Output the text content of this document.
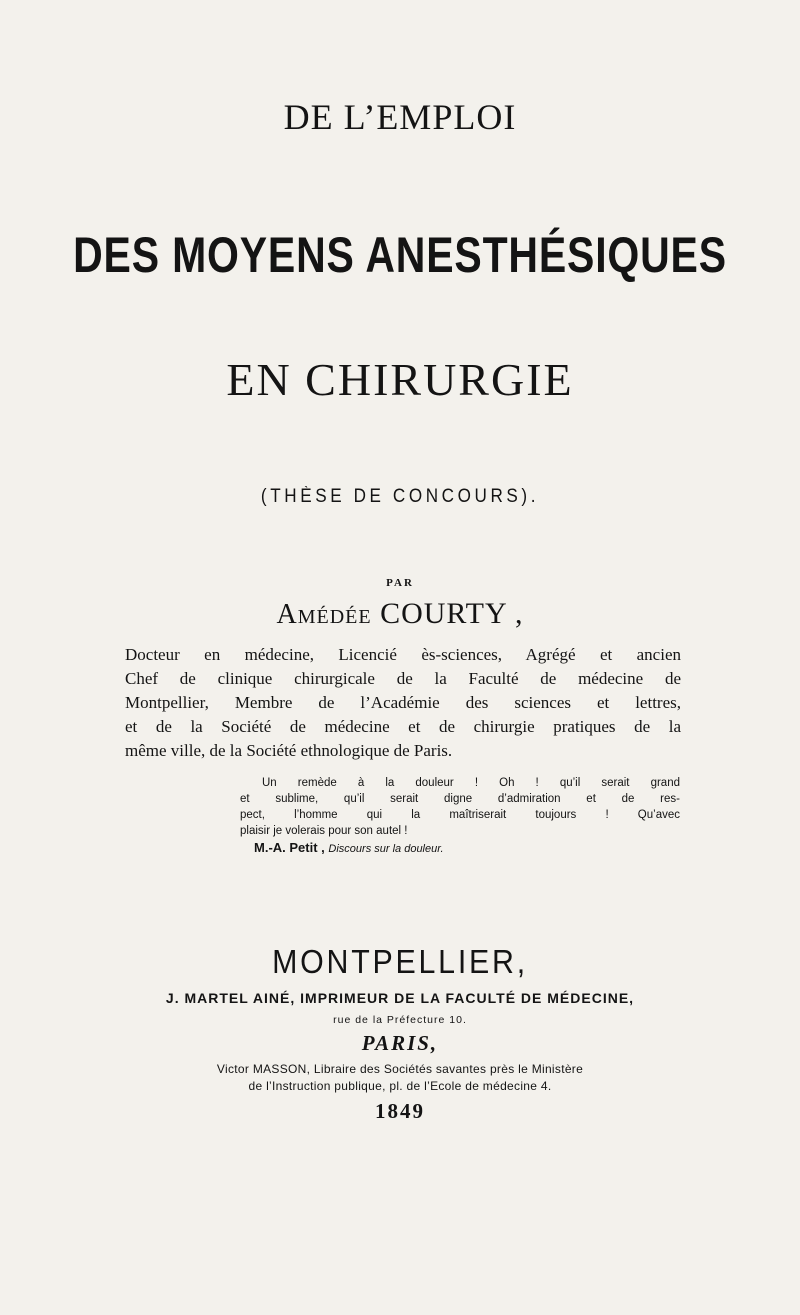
DE L’EMPLOI
DES MOYENS ANESTHÉSIQUES
EN CHIRURGIE
(THÈSE DE CONCOURS).
PAR
Amédée COURTY ,
Docteur en médecine, Licencié ès-sciences, Agrégé et ancien
Chef de clinique chirurgicale de la Faculté de médecine de
Montpellier, Membre de l’Académie des sciences et lettres,
et de la Société de médecine et de chirurgie pratiques de la
même ville, de la Société ethnologique de Paris.
Un remède à la douleur ! Oh ! qu’il serait grand
et sublime, qu’il serait digne d’admiration et de res-
pect, l’homme qui la maîtriserait toujours ! Qu’avec
plaisir je volerais pour son autel !
M.-A. Petit , Discours sur la douleur.
MONTPELLIER,
J. MARTEL AINÉ, IMPRIMEUR DE LA FACULTÉ DE MÉDECINE,
rue de la Préfecture 10.
PARIS,
Victor MASSON, Libraire des Sociétés savantes près le Ministère
de l’Instruction publique, pl. de l’Ecole de médecine 4.
1849
